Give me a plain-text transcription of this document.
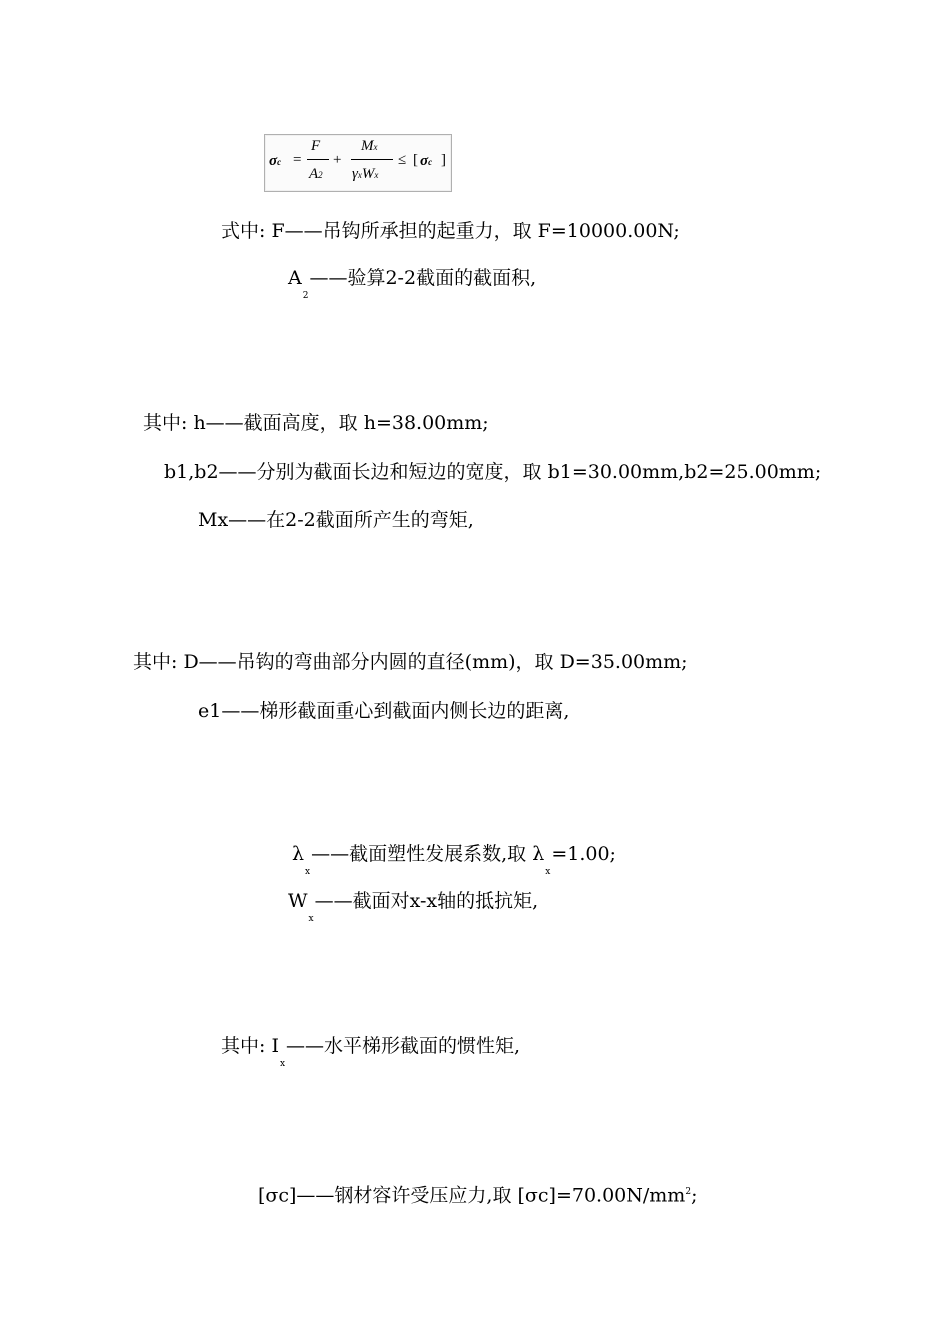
σc =
F
A2
+
Mx
γxWx
≤ [ σc ]
式中: F——吊钩所承担的起重力，取 F=10000.00N;
$A_2——$验算2-2截面的截面积,
其中: h——截面高度，取 h=38.00mm;
b1,b2——分别为截面长边和短边的宽度，取 b1=30.00mm,b2=25.00mm;
Mx——在2-2截面所产生的弯矩,
其中: D——吊钩的弯曲部分内圆的直径(mm)，取 D=35.00mm;
e1——梯形截面重心到截面内侧长边的距离,
$\lambda_x——$截面塑性发展系数,取 $\lambda_x=1.00$;
$W_x——$截面对x-x轴的抵抗矩,
其中: $I_x——$水平梯形截面的惯性矩,
[σc]——钢材容许受压应力,取 $[\sigma c]=70.00N/mm^2$;
